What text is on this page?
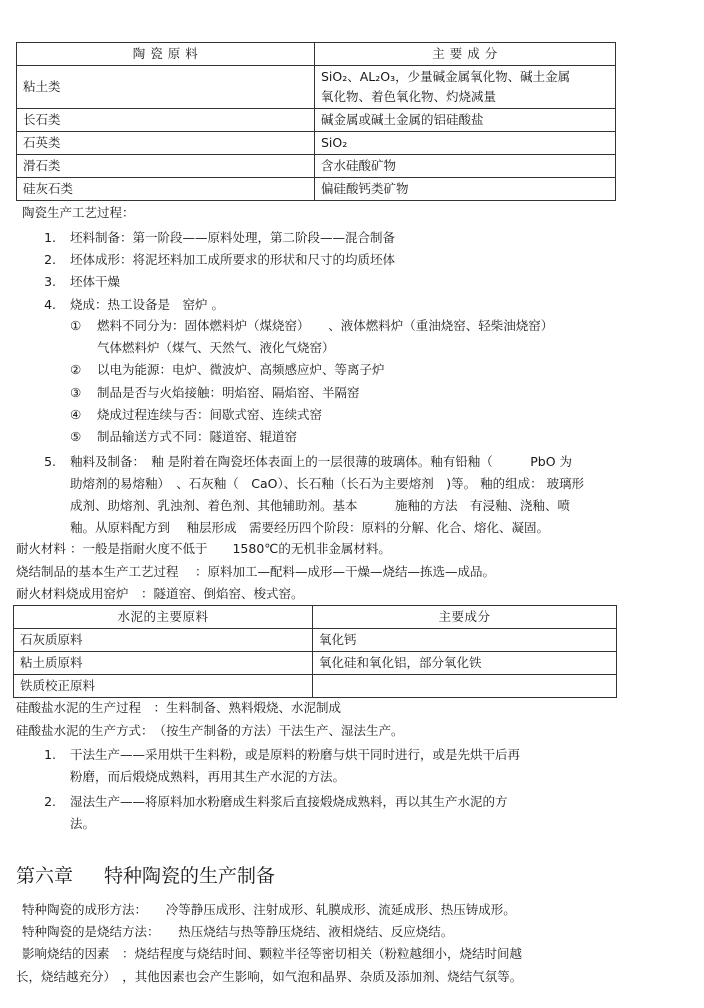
陶 瓷 原 料	主 要 成 分
粘土类	SiO₂、AL₂O₃，少量碱金属氧化物、碱土金属
氧化物、着色氧化物、灼烧减量

长石类	碱金属或碱土金属的铝硅酸盐
石英类	SiO₂
滑石类	含水硅酸矿物
硅灰石类	偏硅酸钙类矿物
陶瓷生产工艺过程：
1. 坯料制备：第一阶段——原料处理，第二阶段——混合制备
2. 坯体成形：将泥坯料加工成所要求的形状和尺寸的均质坯体
3. 坯体干燥
4. 烧成：热工设备是　窑炉 。
① 燃料不同分为：固体燃料炉（煤烧窑）　　、液体燃料炉（重油烧窑、轻柴油烧窑）
气体燃料炉（煤气、天然气、液化气烧窑）
② 以电为能源：电炉、微波炉、高频感应炉、等离子炉
③ 制品是否与火焰接触：明焰窑、隔焰窑、半隔窑
④ 烧成过程连续与否：间歇式窑、连续式窑
⑤ 制品输送方式不同：隧道窑、辊道窑
5. 釉料及制备：　釉 是附着在陶瓷坯体表面上的一层很薄的玻璃体。釉有铅釉（　　　PbO 为
助熔剂的易熔釉）　、石灰釉（　CaO）、长石釉（长石为主要熔剂　)等。 釉的组成： 玻璃形
成剂、助熔剂、乳浊剂、着色剂、其他辅助剂。基本　　　施釉的方法　有浸釉、浇釉、喷
釉。从原料配方到　 釉层形成　需要经历四个阶段：原料的分解、化合、熔化、凝固。
耐火材料 ：一般是指耐火度不低于　　1580℃的无机非金属材料。
烧结制品的基本生产工艺过程　 ：原料加工—配料—成形—干燥—烧结—拣选—成品。
耐火材料烧成用窑炉　：隧道窑、倒焰窑、梭式窑。
水泥的主要原料	主要成分
石灰质原料	氧化钙
粘土质原料	氧化硅和氧化铝，部分氧化铁
铁质校正原料	
硅酸盐水泥的生产过程　：生料制备、熟料煅烧、水泥制成
硅酸盐水泥的生产方式：　（按生产制备的方法）干法生产、湿法生产。
1. 干法生产——采用烘干生料粉，或是原料的粉磨与烘干同时进行，或是先烘干后再
粉磨，而后煅烧成熟料，再用其生产水泥的方法。
2. 湿法生产——将原料加水粉磨成生料浆后直接煅烧成熟料，再以其生产水泥的方
法。
第六章 特种陶瓷的生产制备
特种陶瓷的成形方法：　　冷等静压成形、注射成形、轧膜成形、流延成形、热压铸成形。
特种陶瓷的是烧结方法：　　热压烧结与热等静压烧结、液相烧结、反应烧结。
影响烧结的因素　：烧结程度与烧结时间、颗粒半径等密切相关（粉粒越细小，烧结时间越
长，烧结越充分）　，其他因素也会产生影响，如气泡和晶界、杂质及添加剂、烧结气氛等。
